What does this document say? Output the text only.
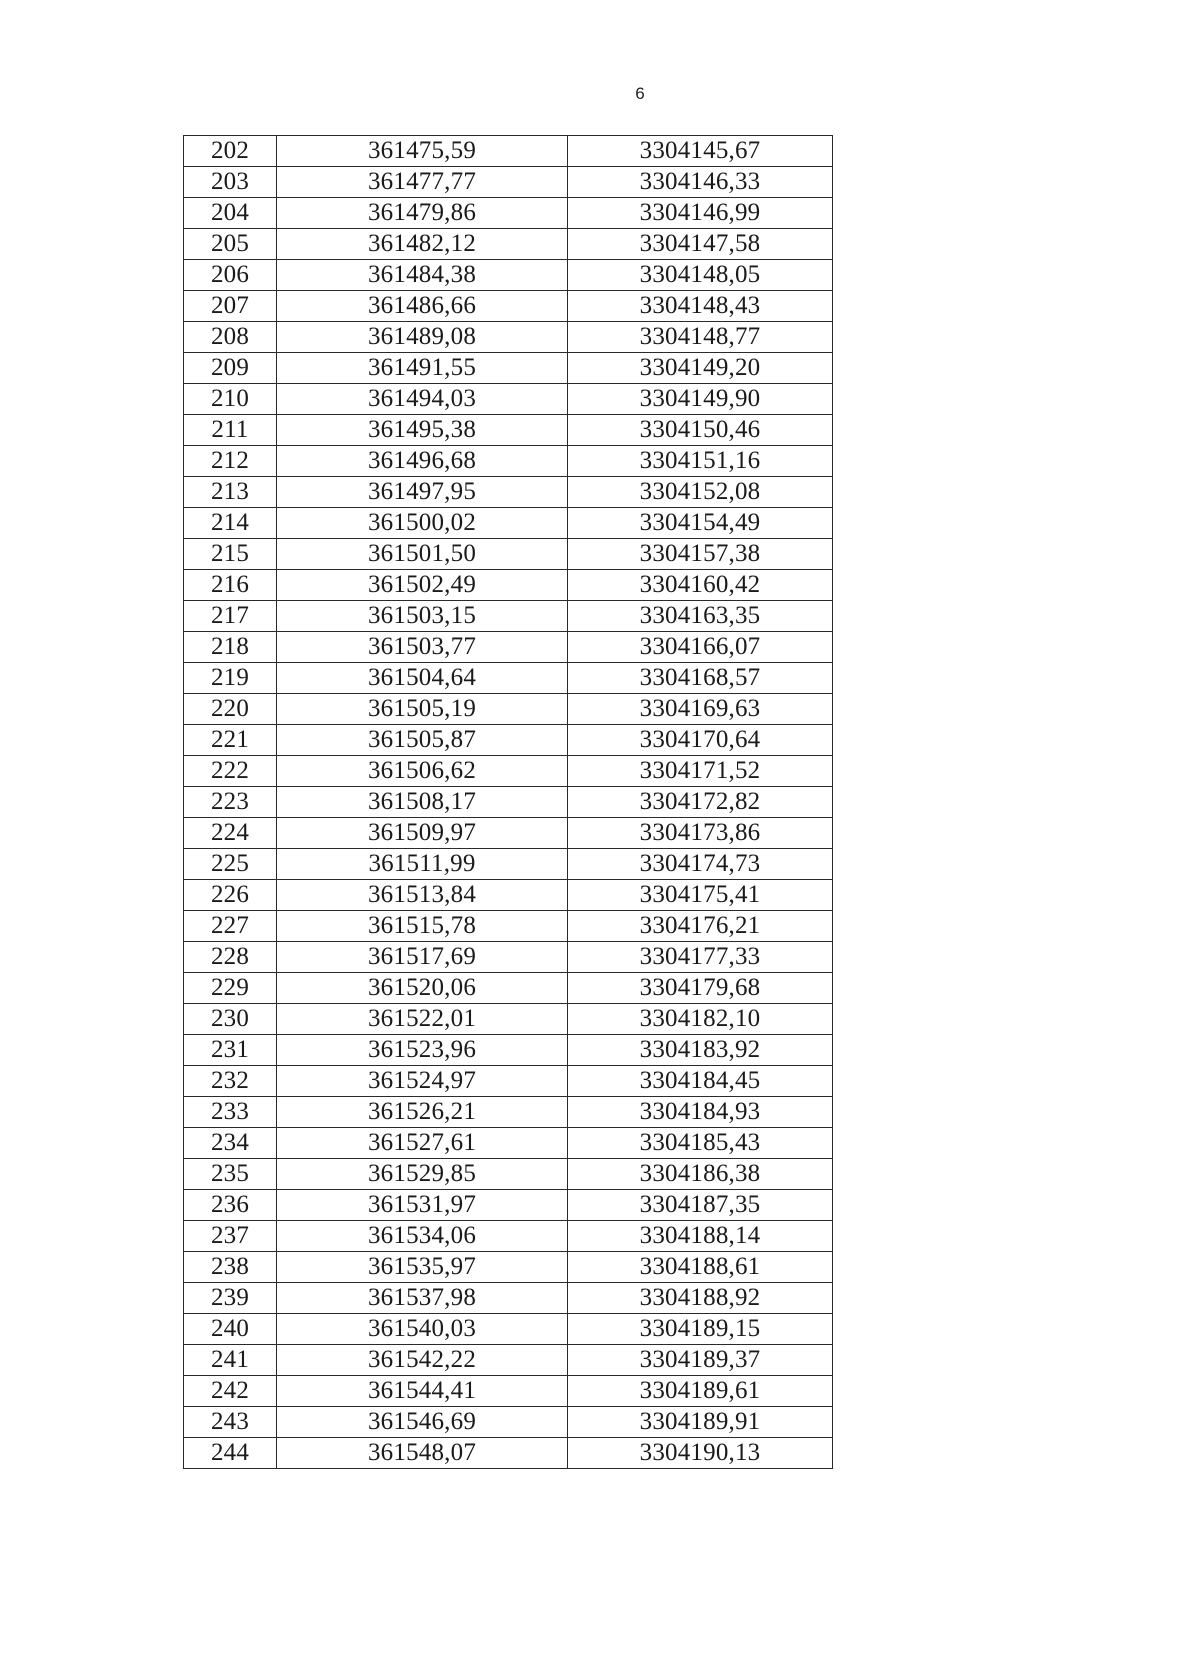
6
202	361475,59	3304145,67
203	361477,77	3304146,33
204	361479,86	3304146,99
205	361482,12	3304147,58
206	361484,38	3304148,05
207	361486,66	3304148,43
208	361489,08	3304148,77
209	361491,55	3304149,20
210	361494,03	3304149,90
211	361495,38	3304150,46
212	361496,68	3304151,16
213	361497,95	3304152,08
214	361500,02	3304154,49
215	361501,50	3304157,38
216	361502,49	3304160,42
217	361503,15	3304163,35
218	361503,77	3304166,07
219	361504,64	3304168,57
220	361505,19	3304169,63
221	361505,87	3304170,64
222	361506,62	3304171,52
223	361508,17	3304172,82
224	361509,97	3304173,86
225	361511,99	3304174,73
226	361513,84	3304175,41
227	361515,78	3304176,21
228	361517,69	3304177,33
229	361520,06	3304179,68
230	361522,01	3304182,10
231	361523,96	3304183,92
232	361524,97	3304184,45
233	361526,21	3304184,93
234	361527,61	3304185,43
235	361529,85	3304186,38
236	361531,97	3304187,35
237	361534,06	3304188,14
238	361535,97	3304188,61
239	361537,98	3304188,92
240	361540,03	3304189,15
241	361542,22	3304189,37
242	361544,41	3304189,61
243	361546,69	3304189,91
244	361548,07	3304190,13
